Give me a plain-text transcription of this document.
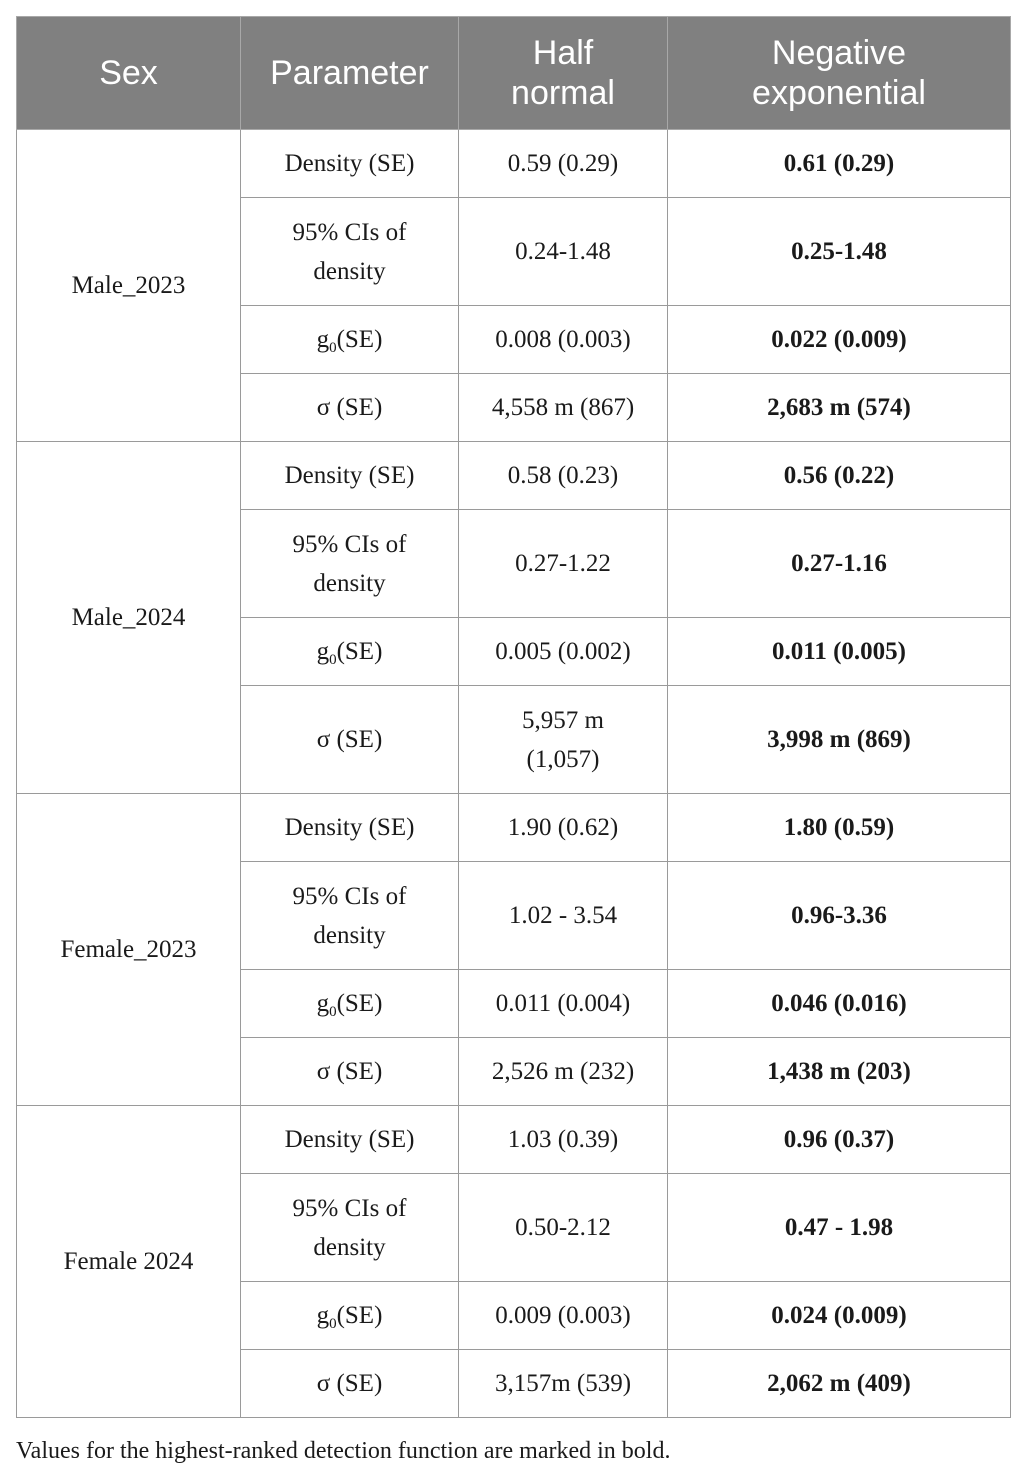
Sex	Parameter	Half normal	Negative exponential
Male_2023	Density (SE)	0.59 (0.29)	0.61 (0.29)
	95% CIs of density	0.24-1.48	0.25-1.48
	$g_0(SE)$	0.008 (0.003)	0.022 (0.009)
	σ (SE)	4,558 m (867)	2,683 m (574)
Male_2024	Density (SE)	0.58 (0.23)	0.56 (0.22)
	95% CIs of density	0.27-1.22	0.27-1.16
	$g_0(SE)$	0.005 (0.002)	0.011 (0.005)
	σ (SE)	5,957 m (1,057)	3,998 m (869)
Female_2023	Density (SE)	1.90 (0.62)	1.80 (0.59)
	95% CIs of density	1.02 - 3.54	0.96-3.36
	$g_0(SE)$	0.011 (0.004)	0.046 (0.016)
	σ (SE)	2,526 m (232)	1,438 m (203)
Female 2024	Density (SE)	1.03 (0.39)	0.96 (0.37)
	95% CIs of density	0.50-2.12	0.47 - 1.98
	$g_0(SE)$	0.009 (0.003)	0.024 (0.009)
	σ (SE)	3,157m (539)	2,062 m (409)
Values for the highest-ranked detection function are marked in bold.
